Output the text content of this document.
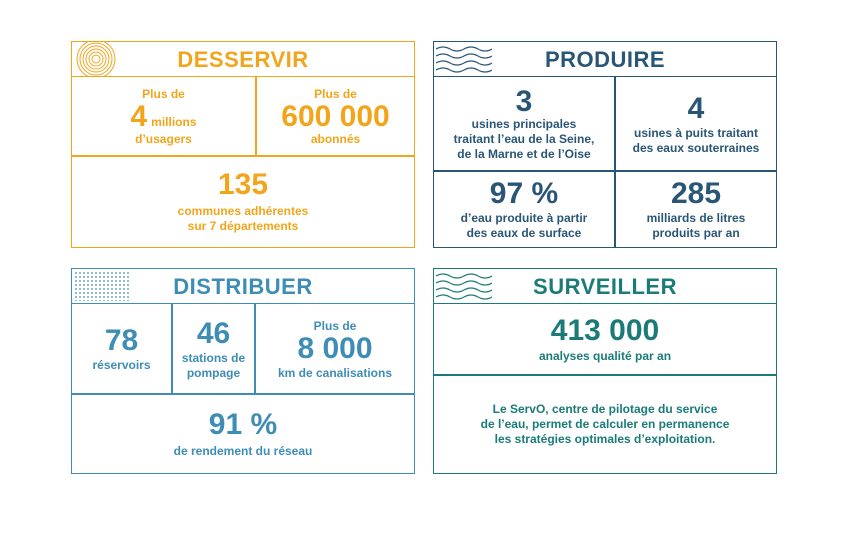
DESSERVIR
Plus de
4 millions
d’usagers
Plus de
600 000
abonnés
135
communes adhérentes
sur 7 départements
PRODUIRE
3
usines principales
traitant l’eau de la Seine,
de la Marne et de l’Oise
4
usines à puits traitant
des eaux souterraines
97 %
d’eau produite à partir
des eaux de surface
285
milliards de litres
produits par an
DISTRIBUER
78
réservoirs
46
stations de
pompage
Plus de
8 000
km de canalisations
91 %
de rendement du réseau
SURVEILLER
413 000
analyses qualité par an
Le ServO, centre de pilotage du service
de l’eau, permet de calculer en permanence
les stratégies optimales d’exploitation.
